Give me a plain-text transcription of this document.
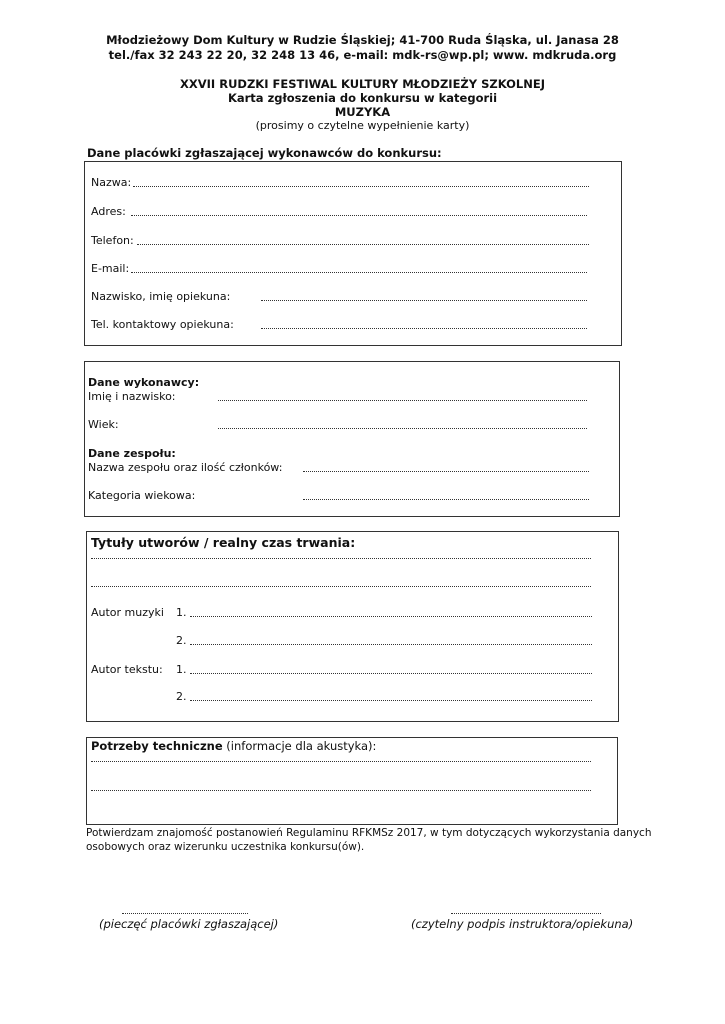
Młodzieżowy Dom Kultury w Rudzie Śląskiej; 41-700 Ruda Śląska, ul. Janasa 28
tel./fax 32 243 22 20, 32 248 13 46, e-mail: mdk-rs@wp.pl; www. mdkruda.org
XXVII RUDZKI FESTIWAL KULTURY MŁODZIEŻY SZKOLNEJ
Karta zgłoszenia do konkursu w kategorii
MUZYKA
(prosimy o czytelne wypełnienie karty)
Dane placówki zgłaszającej wykonawców do konkursu:
Nazwa:
Adres:
Telefon:
E-mail:
Nazwisko, imię opiekuna:
Tel. kontaktowy opiekuna:
Dane wykonawcy:
Imię i nazwisko:
Wiek:
Dane zespołu:
Nazwa zespołu oraz ilość członków:
Kategoria wiekowa:
Tytuły utworów / realny czas trwania:
Autor muzyki 1.
2.
Autor tekstu: 1.
2.
Potrzeby techniczne (informacje dla akustyka):
Potwierdzam znajomość postanowień Regulaminu RFKMSz 2017, w tym dotyczących wykorzystania danych
osobowych oraz wizerunku uczestnika konkursu(ów).
(pieczęć placówki zgłaszającej)	(czytelny podpis instruktora/opiekuna)
